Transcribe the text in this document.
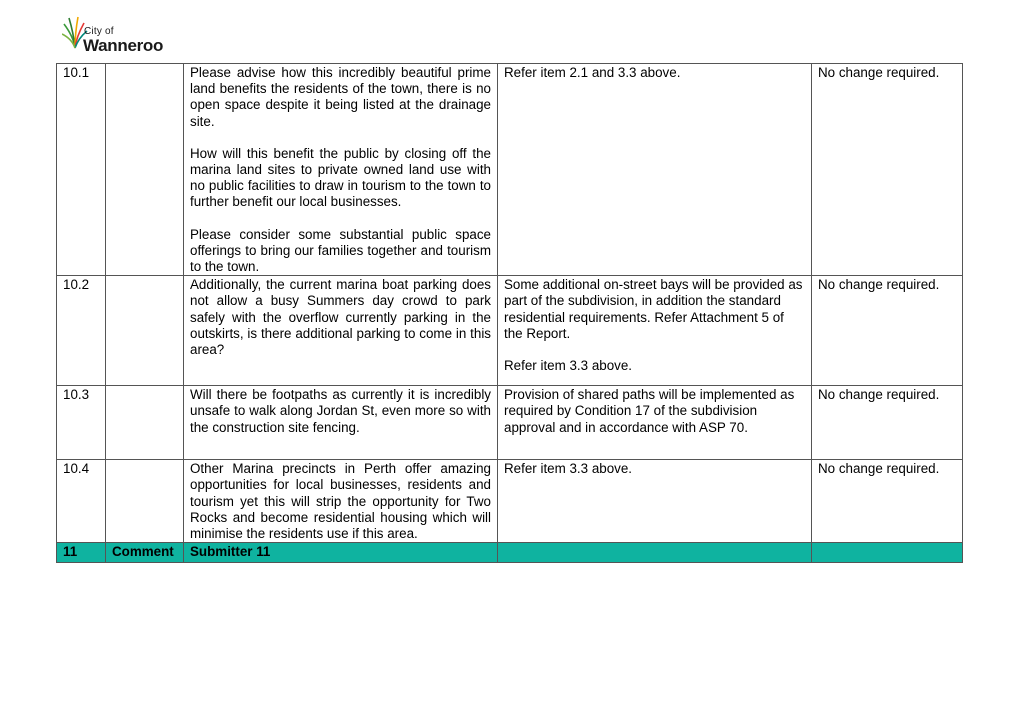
City of
Wanneroo
10.1		Please advise how this incredibly beautiful prime land benefits the residents of the town, there is no open space despite it being listed at the drainage site.

How will this benefit the public by closing off the marina land sites to private owned land use with no public facilities to draw in tourism to the town to further benefit our local businesses.

Please consider some substantial public space offerings to bring our families together and tourism to the town.	Refer item 2.1 and 3.3 above.	No change required.
10.2		Additionally, the current marina boat parking does not allow a busy Summers day crowd to park safely with the overflow currently parking in the outskirts, is there additional parking to come in this area?	Some additional on-street bays will be provided as part of the subdivision, in addition the standard residential requirements. Refer Attachment 5 of the Report.

Refer item 3.3 above.	No change required.
10.3		Will there be footpaths as currently it is incredibly unsafe to walk along Jordan St, even more so with the construction site fencing.	Provision of shared paths will be implemented as required by Condition 17 of the subdivision approval and in accordance with ASP 70.	No change required.
10.4		Other Marina precincts in Perth offer amazing opportunities for local businesses, residents and tourism yet this will strip the opportunity for Two Rocks and become residential housing which will minimise the residents use if this area.	Refer item 3.3 above.	No change required.
11	Comment	Submitter 11		
